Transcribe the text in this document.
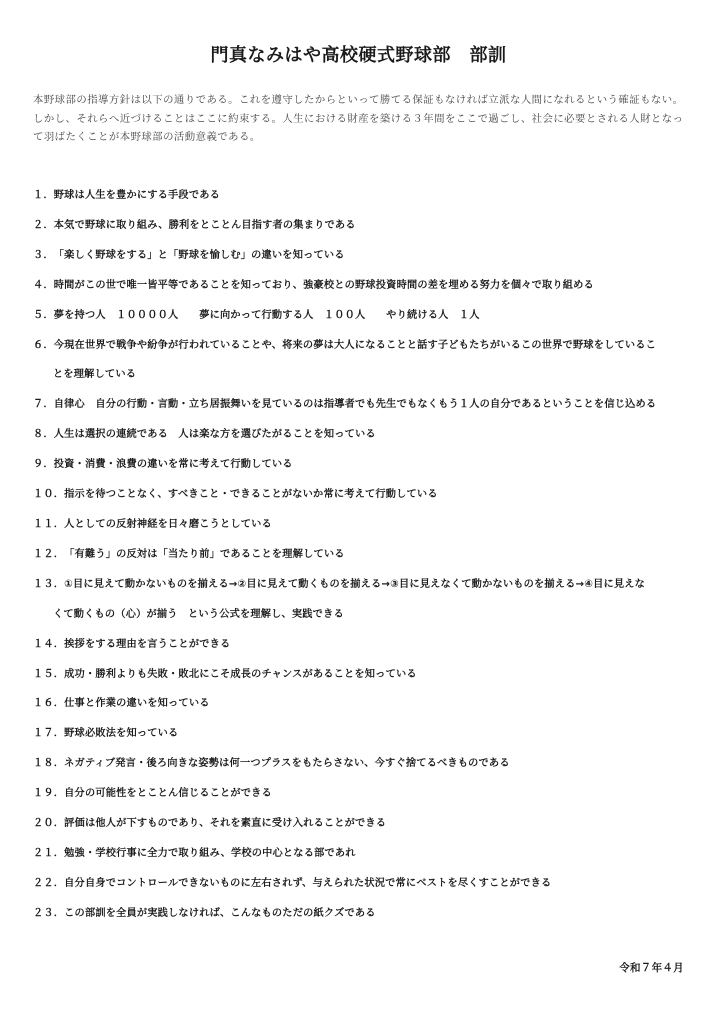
門真なみはや高校硬式野球部　部訓
本野球部の指導方針は以下の通りである。これを遵守したからといって勝てる保証もなければ立派な人間になれるという確証もない。しかし、それらへ近づけることはここに約束する。人生における財産を築ける３年間をここで過ごし、社会に必要とされる人財となって羽ばたくことが本野球部の活動意義である。
１． 野球は人生を豊かにする手段である
２． 本気で野球に取り組み、勝利をとことん目指す者の集まりである
３． 「楽しく野球をする」と「野球を愉しむ」の違いを知っている
４． 時間がこの世で唯一皆平等であることを知っており、強豪校との野球投資時間の差を埋める努力を個々で取り組める
５． 夢を持つ人　１００００人　　夢に向かって行動する人　１００人　　やり続ける人　１人
６．今現在世界で戦争や紛争が行われていることや、将来の夢は大人になることと話す子どもたちがいるこの世界で野球をしているこ
とを理解している
７． 自律心　自分の行動・言動・立ち居振舞いを見ているのは指導者でも先生でもなくもう１人の自分であるということを信じ込める
８． 人生は選択の連続である　人は楽な方を選びたがることを知っている
９． 投資・消費・浪費の違いを常に考えて行動している
１０． 指示を待つことなく、すべきこと・できることがないか常に考えて行動している
１１． 人としての反射神経を日々磨こうとしている
１２． 「有難う」の反対は「当たり前」であることを理解している
１３．①目に見えて動かないものを揃える→②目に見えて動くものを揃える→③目に見えなくて動かないものを揃える→④目に見えな
くて動くもの（心）が揃う　という公式を理解し、実践できる
１４． 挨拶をする理由を言うことができる
１５． 成功・勝利よりも失敗・敗北にこそ成長のチャンスがあることを知っている
１６． 仕事と作業の違いを知っている
１７． 野球必敗法を知っている
１８． ネガティブ発言・後ろ向きな姿勢は何一つプラスをもたらさない、今すぐ捨てるべきものである
１９． 自分の可能性をとことん信じることができる
２０． 評価は他人が下すものであり、それを素直に受け入れることができる
２１． 勉強・学校行事に全力で取り組み、学校の中心となる部であれ
２２． 自分自身でコントロールできないものに左右されず、与えられた状況で常にベストを尽くすことができる
２３． この部訓を全員が実践しなければ、こんなものただの紙クズである
令和７年４月
